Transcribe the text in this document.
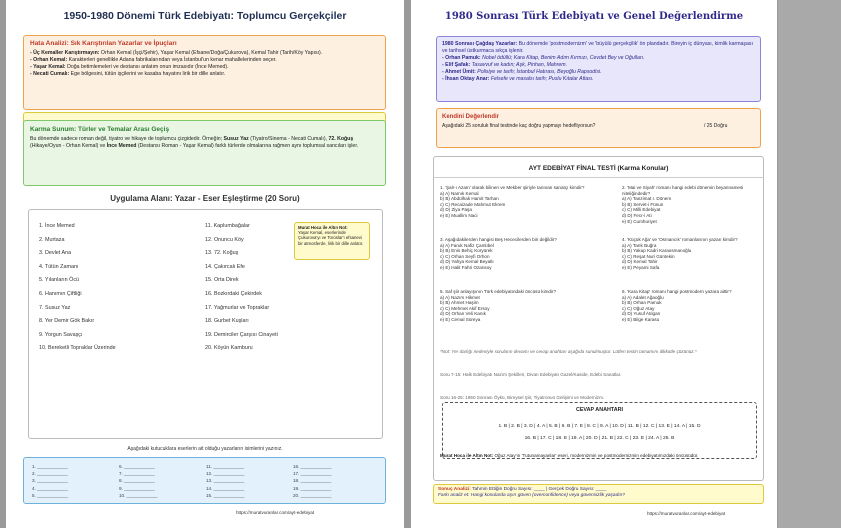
1950-1980 Dönemi Türk Edebiyatı: Toplumcu Gerçekçiler
Hata Analizi: Sık Karıştırılan Yazarlar ve İpuçları
- Üç Kemaller Karıştırmayın: Orhan Kemal (İşçi/Şehir), Yaşar Kemal (Efsane/Doğa/Çukurova), Kemal Tahir (Tarih/Köy Yapısı).
- Orhan Kemal: Karakterleri genellikle Adana fabrikalarından veya İstanbul'un kenar mahallelerinden seçer.
- Yaşar Kemal: Doğa betimlemeleri ve destansı anlatım onun imzasıdır (İnce Memed).
- Necati Cumalı: Ege bölgesini, tütün işçilerini ve kasaba hayatını lirik bir dille anlatır.
Karma Sunum: Türler ve Temalar Arası Geçiş
Bu dönemde sadece roman değil, tiyatro ve hikaye de toplumcu çizgidedir. Örneğin; Susuz Yaz (Tiyatro/Sinema - Necati Cumalı), 72. Koğuş (Hikaye/Oyun - Orhan Kemal) ve İnce Memed (Destansı Roman - Yaşar Kemal) farklı türlerde olmalarına rağmen aynı toplumsal sancıları işler.
Uygulama Alanı: Yazar - Eser Eşleştirme (20 Soru)
1. İnce Memed
2. Murtaza
3. Devlet Ana
4. Tütün Zamanı
5. Yılanların Öcü
6. Hanımın Çiftliği
7. Susuz Yaz
8. Yer Demir Gök Bakır
9. Yorgun Savaşçı
10. Bereketli Topraklar Üzerinde
11. Kaplumbağalar
12. Onuncu Köy
13. 72. Koğuş
14. Çakırcalı Efe
15. Orta Direk
16. Bozkırdaki Çekirdek
17. Yağmurlar ve Topraklar
18. Gurbet Kuşları
19. Demirciler Çarşısı Cinayeti
20. Köyün Kamburu
Murat Hoca ile Altın Not:
Yaşar Kemal, eserlerinde Çukurova'yı ve Toroslar'ı efsanevi bir atmosferde, lirik bir dille anlatır.
Aşağıdaki kutucuklara eserlerin ait olduğu yazarların isimlerini yazınız.
1. ____________
2. ____________
3. ____________
4. ____________
5. ____________
6. ____________
7. ____________
8. ____________
9. ____________
10. ____________
11. ____________
12. ____________
13. ____________
14. ____________
15. ____________
16. ____________
17. ____________
18. ____________
19. ____________
20. ____________
https://muratvuranlar.com/ayt-edebiyat
1980 Sonrası Türk Edebiyatı ve Genel Değerlendirme
1980 Sonrası Çağdaş Yazarlar: Bu dönemde 'postmodernizm' ve 'büyülü gerçekçilik' ön plandadır. Bireyin iç dünyası, kimlik karmaşası ve tarihsel üstkurmaca sıkça işlenir.
- Orhan Pamuk: Nobel ödüllü; Kara Kitap, Benim Adım Kırmızı, Cevdet Bey ve Oğulları.
- Elif Şafak: Tasavvuf ve kadın; Aşk, Pinhan, Mahrem.
- Ahmet Ümit: Polisiye ve tarih; İstanbul Hatırası, Beyoğlu Rapsodisi.
- İhsan Oktay Anar: Felsefe ve masalsı tarih; Puslu Kıtalar Atlası.
Kendini Değerlendir
Aşağıdaki 25 soruluk final testinde kaç doğru yapmayı hedefliyorsun?	/ 25 Doğru
AYT EDEBİYAT FİNAL TESTİ (Karma Konular)
1. 'Şalr-ı Azam' olarak bilinen ve Mekber şiiriyle tanınan sanatçı kimdir?
a) A) Namık Kemal
b) B) Abdülhak Hamit Tarhan
c) C) Recaizade Mahmut Ekrem
d) D) Ziya Paşa
e) E) Muallim Naci
2. 'Mai ve Siyah' romanı hangi edebi dönemin beyannamesi niteliğindedir?
a) A) Tanzimat I. Dönem
b) B) Servet-i Fünun
c) C) Milli Edebiyat
d) D) Fecr-i Ati
e) E) Cumhuriyet
3. Aşağıdakilerden hangisi Beş Hececilerden biri değildir?
a) A) Faruk Nafiz Çamlıbel
b) B) Enis Behiç Koryürek
c) C) Orhan Seyfi Orhon
d) D) Yahya Kemal Beyatlı
e) E) Halit Fahri Ozansoy
4. 'Küçük Ağa' ve 'Osmancık' romanlarının yazarı kimdir?
a) A) Tarık Buğra
b) B) Yakup Kadri Karaosmanoğlu
c) C) Reşat Nuri Güntekin
d) D) Kemal Tahir
e) E) Peyami Safa
5. Saf şiir anlayışının Türk edebiyatındaki öncüsü kimdir?
a) A) Nazım Hikmet
b) B) Ahmet Haşim
c) C) Mehmet Akif Ersoy
d) D) Orhan Veli Kanık
e) E) Cemal Süreya
6. 'Kara Kitap' romanı hangi postmodern yazara aittir?
a) A) Adalet Ağaoğlu
b) B) Orhan Pamuk
c) C) Oğuz Atay
d) D) Yusuf Atılgan
e) E) Bilge Karasu
*Not: Yer darlığı nedeniyle soruların devamı ve cevap anahtarı aşağıda sunulmuştur. Lütfen testin tamamını dikkatle çözünüz.*
Soru 7-15: Halk Edebiyatı Nazım Şekilleri, Divan Edebiyatı Gazel/Kaside, Edebi Sanatlar.
Soru 16-25: 1950 Sonrası Öykü, Bireysel Şiir, Tiyatronun Gelişimi ve Modernizm.
CEVAP ANAHTARI
1. B | 2. B | 3. D | 4. A | 5. B | 6. B | 7. E | 8. C | 9. A | 10. D | 11. B | 12. C | 13. E | 14. A | 15. D
16. B | 17. C | 18. E | 19. A | 20. D | 21. B | 22. C | 23. E | 24. A | 25. B
Murat Hoca ile Altın Not: Oğuz Atay'ın 'Tutunamayanlar' eseri, modernizmin ve postmodernizmin edebiyatımızdaki öncüsüdür.
Sonuç Analizi: Tahmin Ettiğin Doğru Sayısı: ____ | Gerçek Doğru Sayısı: ____
Farkı analiz et: Hangi konularda aşırı güven (overconfidence) veya güvensizlik yaşadın?
https://muratvuranlar.com/ayt-edebiyat
